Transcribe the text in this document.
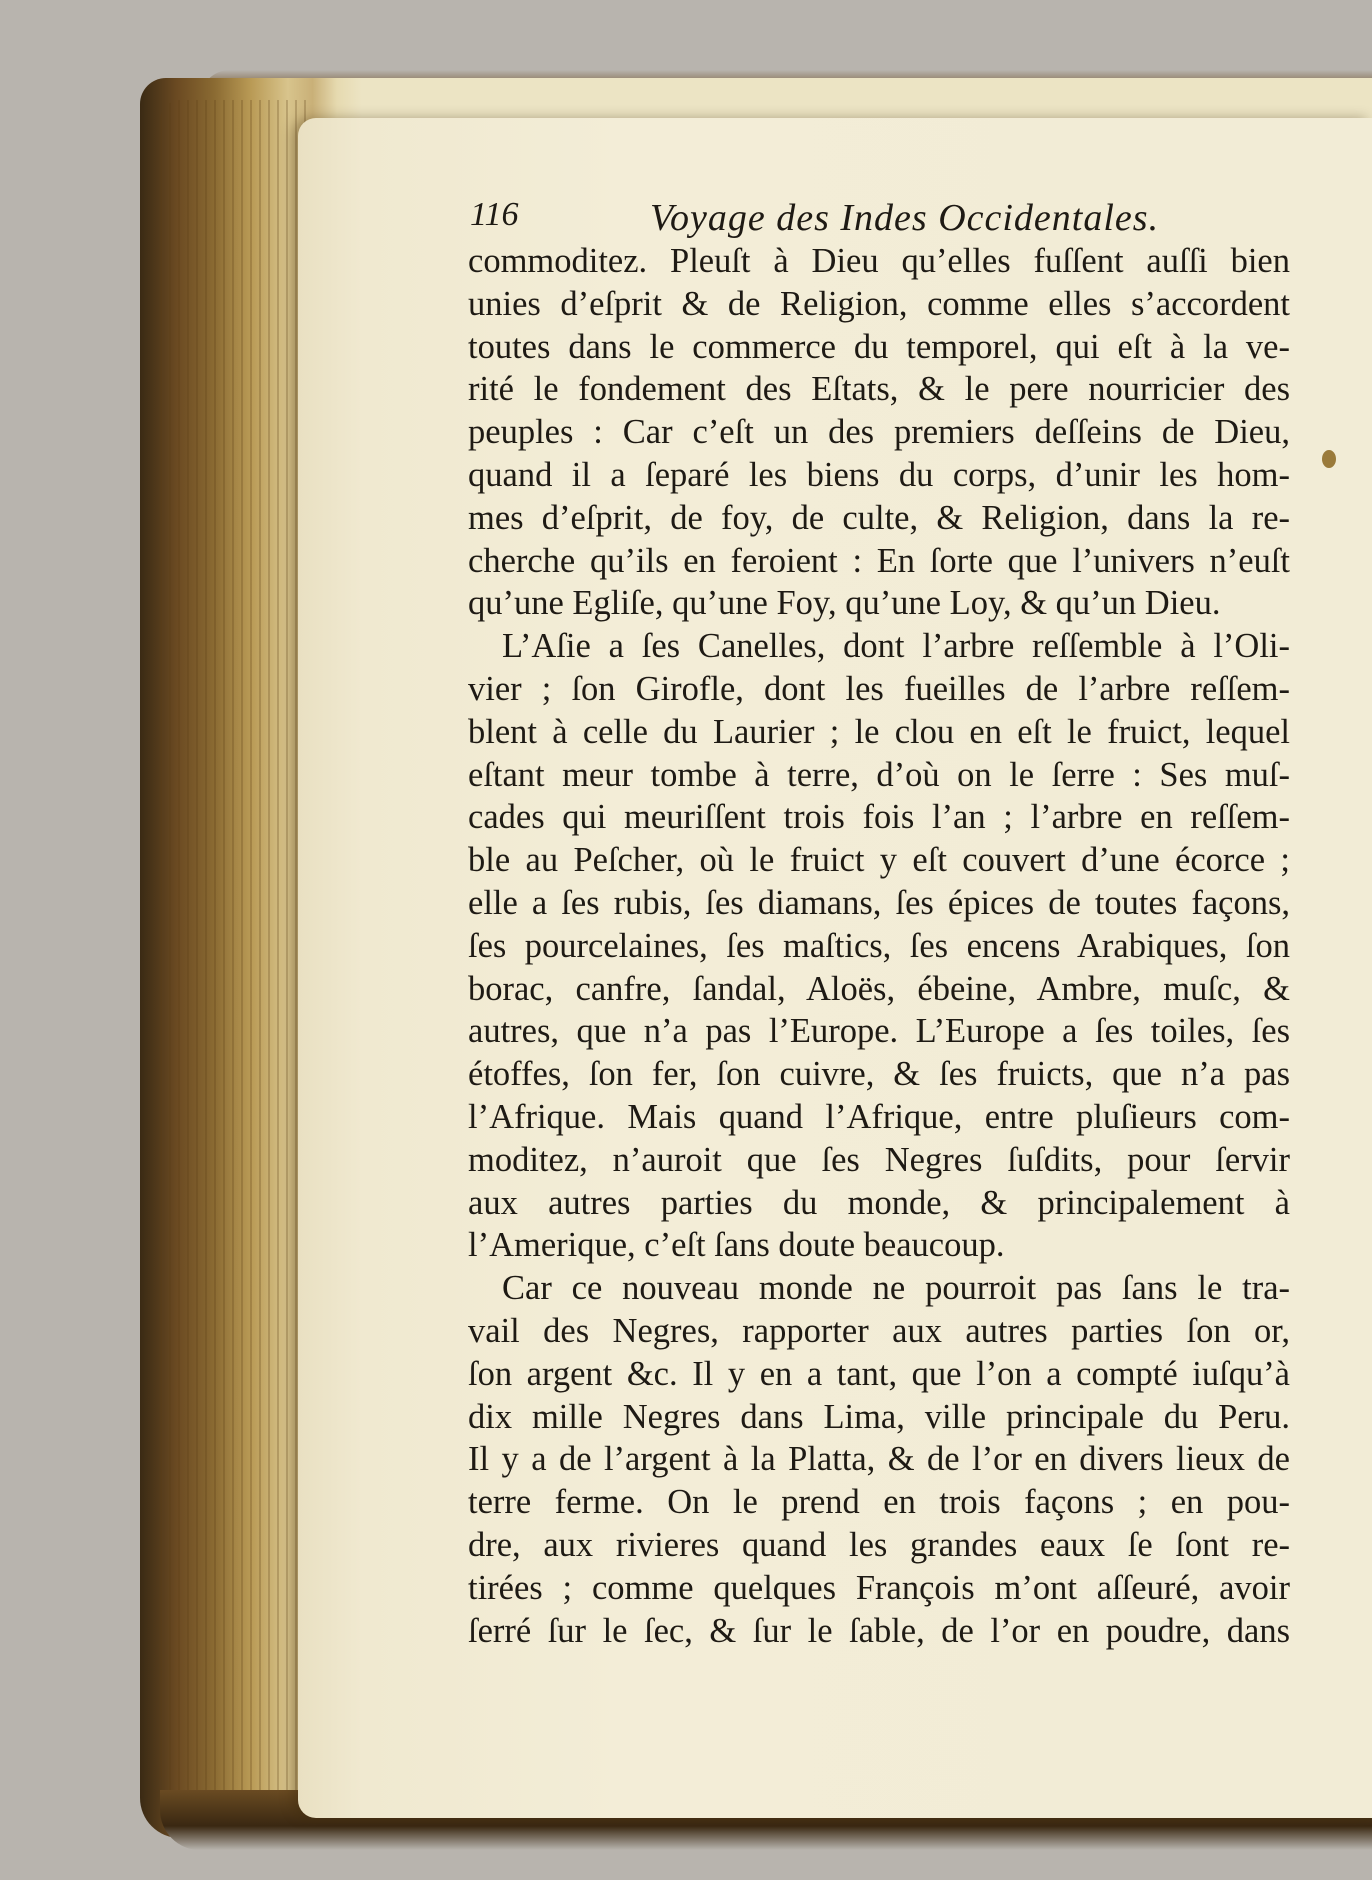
116	Voyage des Indes Occidentales.
commoditez. Pleuſt à Dieu qu’elles fuſſent auſſi bien
unies d’eſprit & de Religion, comme elles s’accordent
toutes dans le commerce du temporel, qui eſt à la ve-
rité le fondement des Eſtats, & le pere nourricier des
peuples : Car c’eſt un des premiers deſſeins de Dieu,
quand il a ſeparé les biens du corps, d’unir les hom-
mes d’eſprit, de foy, de culte, & Religion, dans la re-
cherche qu’ils en feroient : En ſorte que l’univers n’euſt
qu’une Egliſe, qu’une Foy, qu’une Loy, & qu’un Dieu.
L’Aſie a ſes Canelles, dont l’arbre reſſemble à l’Oli-
vier ; ſon Girofle, dont les fueilles de l’arbre reſſem-
blent à celle du Laurier ; le clou en eſt le fruict, lequel
eſtant meur tombe à terre, d’où on le ſerre : Ses muſ-
cades qui meuriſſent trois fois l’an ; l’arbre en reſſem-
ble au Peſcher, où le fruict y eſt couvert d’une écorce ;
elle a ſes rubis, ſes diamans, ſes épices de toutes façons,
ſes pourcelaines, ſes maſtics, ſes encens Arabiques, ſon
borac, canfre, ſandal, Aloës, ébeine, Ambre, muſc, &
autres, que n’a pas l’Europe. L’Europe a ſes toiles, ſes
étoffes, ſon fer, ſon cuivre, & ſes fruicts, que n’a pas
l’Afrique. Mais quand l’Afrique, entre pluſieurs com-
moditez, n’auroit que ſes Negres ſuſdits, pour ſervir
aux autres parties du monde, & principalement à
l’Amerique, c’eſt ſans doute beaucoup.
Car ce nouveau monde ne pourroit pas ſans le tra-
vail des Negres, rapporter aux autres parties ſon or,
ſon argent &c. Il y en a tant, que l’on a compté iuſqu’à
dix mille Negres dans Lima, ville principale du Peru.
Il y a de l’argent à la Platta, & de l’or en divers lieux de
terre ferme. On le prend en trois façons ; en pou-
dre, aux rivieres quand les grandes eaux ſe ſont re-
tirées ; comme quelques François m’ont aſſeuré, avoir
ſerré ſur le ſec, & ſur le ſable, de l’or en poudre, dans
